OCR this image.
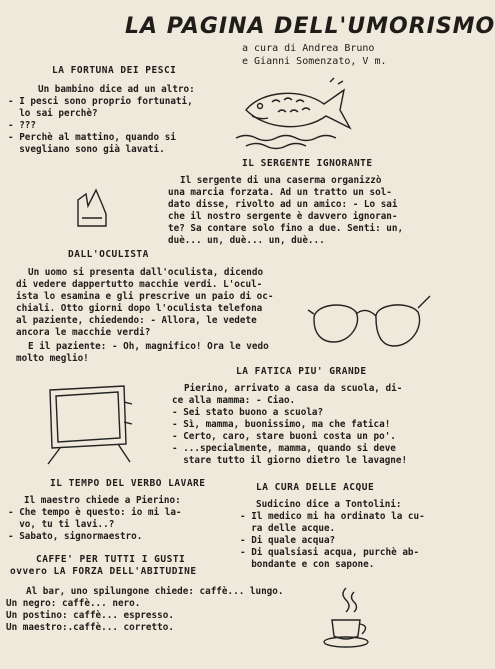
LA PAGINA DELL'UMORISMO

a cura di Andrea Bruno

e Gianni Somenzato, V m.

LA FORTUNA DEI PESCI

Un bambino dice ad un altro:

- I pesci sono proprio fortunati,

lo sai perchè?

- ???

- Perchè al mattino, quando si

svegliano sono già lavati.

IL SERGENTE IGNORANTE

Il sergente di una caserma organizzò

una marcia forzata. Ad un tratto un sol-

dato disse, rivolto ad un amico: - Lo sai

che il nostro sergente è davvero ignoran-

te? Sa contare solo fino a due. Senti: un,

duè... un, duè... un, duè...

DALL'OCULISTA

Un uomo si presenta dall'oculista, dicendo

di vedere dappertutto macchie verdi. L'ocul-

ista lo esamina e gli prescrive un paio di oc-

chiali. Otto giorni dopo l'oculista telefona

al paziente, chiedendo: - Allora, le vedete

ancora le macchie verdi?

E il paziente: - Oh, magnifico! Ora le vedo

molto meglio!

LA FATICA PIU' GRANDE

Pierino, arrivato a casa da scuola, di-

ce alla mamma: - Ciao.

- Sei stato buono a scuola?

- Sì, mamma, buonissimo, ma che fatica!

- Certo, caro, stare buoni costa un po'.

- ...specialmente, mamma, quando si deve

stare tutto il giorno dietro le lavagne!

IL TEMPO DEL VERBO LAVARE

Il maestro chiede a Pierino:

- Che tempo è questo: io mi la-

vo, tu ti lavi..?

- Sabato, signormaestro.

LA CURA DELLE ACQUE

Sudicino dice a Tontolini:

- Il medico mi ha ordinato la cu-

ra delle acque.

- Di quale acqua?

- Di qualsiasi acqua, purchè ab-

bondante e con sapone.

CAFFE' PER TUTTI I GUSTI

ovvero LA FORZA DELL'ABITUDINE

Al bar, uno spilungone chiede: caffè... lungo.

Un negro: caffè... nero.

Un postino: caffè... espresso.

Un maestro:.caffè... corretto.
